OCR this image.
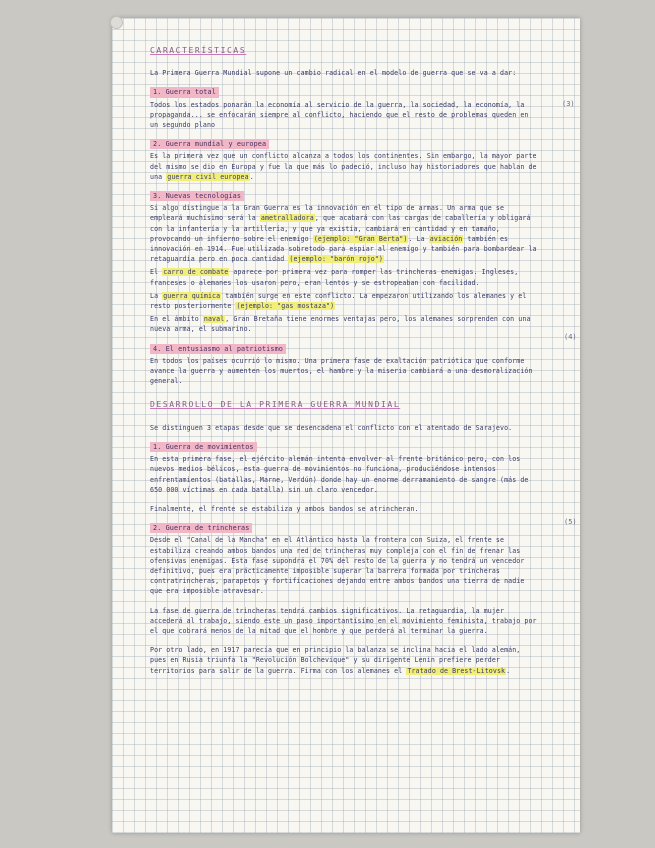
CARACTERÍSTICAS

La Primera Guerra Mundial supone un cambio radical en el modelo de guerra que se va a dar:

1. Guerra total

Todos los estados ponarán la economía al servicio de la guerra, la sociedad, la economía, la propaganda... se enfocarán siempre al conflicto, haciendo que el resto de problemas queden en un segundo plano

2. Guerra mundial y europea

Es la primera vez que un conflicto alcanza a todos los continentes. Sin embargo, la mayor parte del mismo se dio en Europa y fue la que más lo padeció, incluso hay historiadores que hablan de una guerra civil europea.

3. Nuevas tecnologías

Si algo distingue a la Gran Guerra es la innovación en el tipo de armas. Un arma que se empleará muchísimo será la ametralladora, que acabará con las cargas de caballería y obligará con la infantería y la artillería, y que ya existía, cambiará en cantidad y en tamaño, provocando un infierno sobre el enemigo (ejemplo: "Gran Berta"). La aviación también es innovación en 1914. Fue utilizada sobretodo para espiar al enemigo y también para bombardear la retaguardia pero en poca cantidad (ejemplo: "barón rojo")

El carro de combate aparece por primera vez para romper las trincheras enemigas. Ingleses, franceses o alemanes los usaron pero, eran lentos y se estropeaban con facilidad.

La guerra química también surge en este conflicto. La empezaron utilizando los alemanes y el resto posteriormente (ejemplo: "gas mostaza")

En el ámbito naval, Gran Bretaña tiene enormes ventajas pero, los alemanes sorprenden con una nueva arma, el submarino.

4. El entusiasmo al patriotismo

En todos los países ocurrió lo mismo. Una primera fase de exaltación patriótica que conforme avance la guerra y aumenten los muertos, el hambre y la miseria cambiará a una desmoralización general.

DESARROLLO DE LA PRIMERA GUERRA MUNDIAL

Se distinguen 3 etapas desde que se desencadena el conflicto con el atentado de Sarajevo.

1. Guerra de movimientos

En esta primera fase, el ejército alemán intenta envolver al frente británico pero, con los nuevos medios bélicos, esta guerra de movimientos no funciona, produciéndose intensos enfrentamientos (batallas, Marne, Verdún) donde hay un enorme derramamiento de sangre (más de 650 000 víctimas en cada batalla) sin un claro vencedor.

Finalmente, el frente se estabiliza y ambos bandos se atrincheran.

2. Guerra de trincheras

Desde el "Canal de la Mancha" en el Atlántico hasta la frontera con Suiza, el frente se estabiliza creando ambos bandos una red de trincheras muy compleja con el fin de frenar las ofensivas enemigas. Esta fase supondrá el 70% del resto de la guerra y no tendrá un vencedor definitivo, pues era prácticamente imposible superar la barrera formada por trincheras contratrincheras, parapetos y fortificaciones dejando entre ambos bandos una tierra de nadie que era imposible atravesar.

La fase de guerra de trincheras tendrá cambios significativos. La retaguardia, la mujer accederá al trabajo, siendo este un paso importantísimo en el movimiento feminista, trabajo por el que cobrará menos de la mitad que el hombre y que perderá al terminar la guerra.

Por otro lado, en 1917 parecía que en principio la balanza se inclina hacia el lado alemán, pues en Rusia triunfa la "Revolución Bolchevique" y su dirigente Lenin prefiere perder territorios para salir de la guerra. Firma con los alemanes el Tratado de Brest-Litovsk.

(3)
(4)
(5)
